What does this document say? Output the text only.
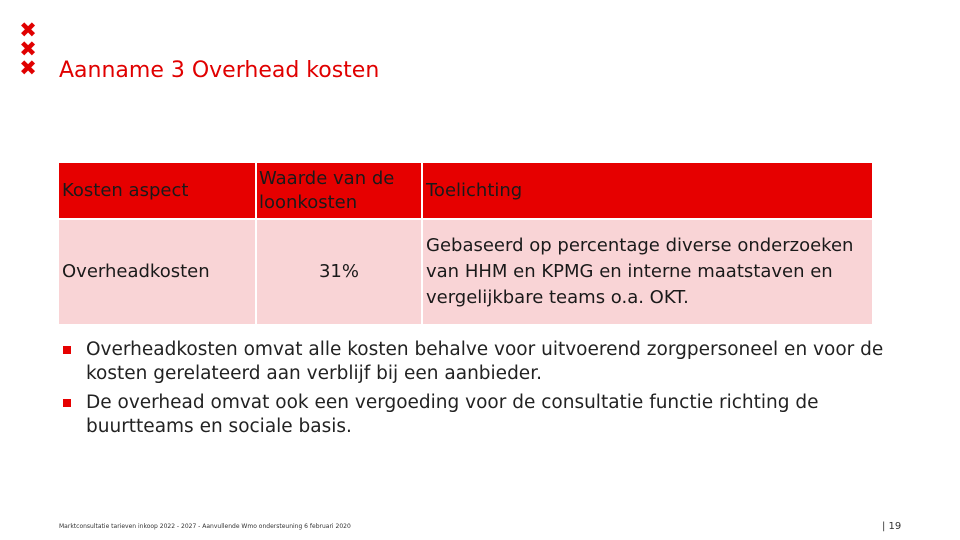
✖
✖
✖ Aanname 3 Overhead kosten
Kosten aspect
Waarde van de loonkosten
Toelichting
Overheadkosten	31%
Gebaseerd op percentage diverse onderzoeken van HHM en KPMG en interne maatstaven en vergelijkbare teams o.a. OKT.
Overheadkosten omvat alle kosten behalve voor uitvoerend zorgpersoneel en voor de kosten gerelateerd aan verblijf bij een aanbieder.
De overhead omvat ook een vergoeding voor de consultatie functie richting de buurtteams en sociale basis.
Marktconsultatie tarieven inkoop 2022 - 2027 - Aanvullende Wmo ondersteuning 6 februari 2020	| 19
